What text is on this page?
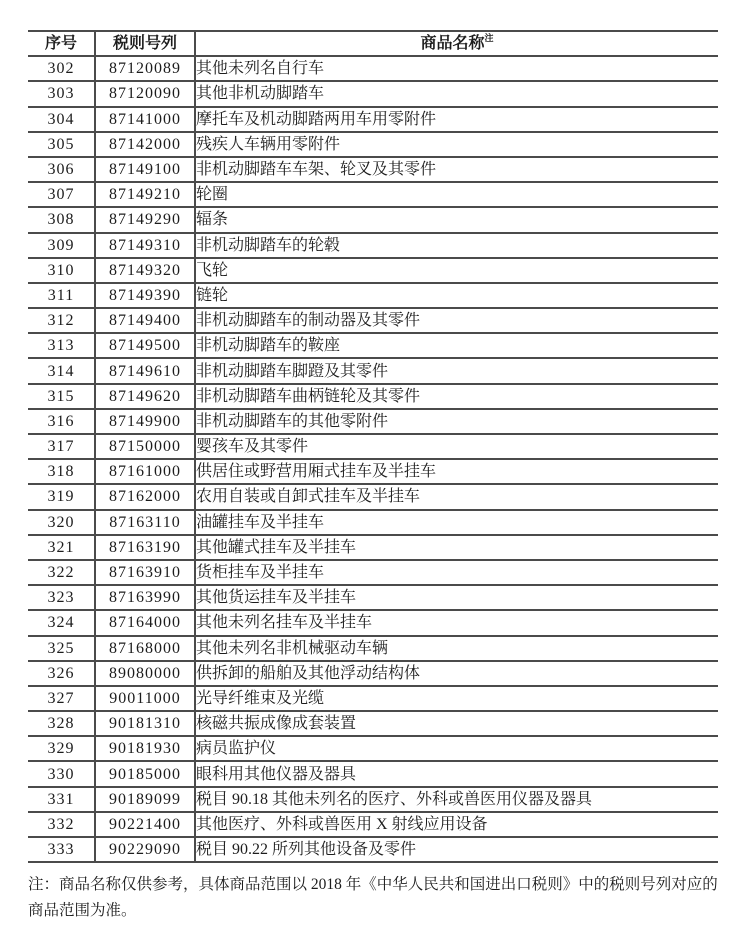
序号	税则号列	商品名称$^注$
302	87120089	其他未列名自行车
303	87120090	其他非机动脚踏车
304	87141000	摩托车及机动脚踏两用车用零附件
305	87142000	残疾人车辆用零附件
306	87149100	非机动脚踏车车架、轮叉及其零件
307	87149210	轮圈
308	87149290	辐条
309	87149310	非机动脚踏车的轮毂
310	87149320	飞轮
311	87149390	链轮
312	87149400	非机动脚踏车的制动器及其零件
313	87149500	非机动脚踏车的鞍座
314	87149610	非机动脚踏车脚蹬及其零件
315	87149620	非机动脚踏车曲柄链轮及其零件
316	87149900	非机动脚踏车的其他零附件
317	87150000	婴孩车及其零件
318	87161000	供居住或野营用厢式挂车及半挂车
319	87162000	农用自装或自卸式挂车及半挂车
320	87163110	油罐挂车及半挂车
321	87163190	其他罐式挂车及半挂车
322	87163910	货柜挂车及半挂车
323	87163990	其他货运挂车及半挂车
324	87164000	其他未列名挂车及半挂车
325	87168000	其他未列名非机械驱动车辆
326	89080000	供拆卸的船舶及其他浮动结构体
327	90011000	光导纤维束及光缆
328	90181310	核磁共振成像成套装置
329	90181930	病员监护仪
330	90185000	眼科用其他仪器及器具
331	90189099	税目 90.18 其他未列名的医疗、外科或兽医用仪器及器具
332	90221400	其他医疗、外科或兽医用 X 射线应用设备
333	90229090	税目 90.22 所列其他设备及零件
注：商品名称仅供参考，具体商品范围以 2018 年《中华人民共和国进出口税则》中的税则号列对应的商品范围为准。
